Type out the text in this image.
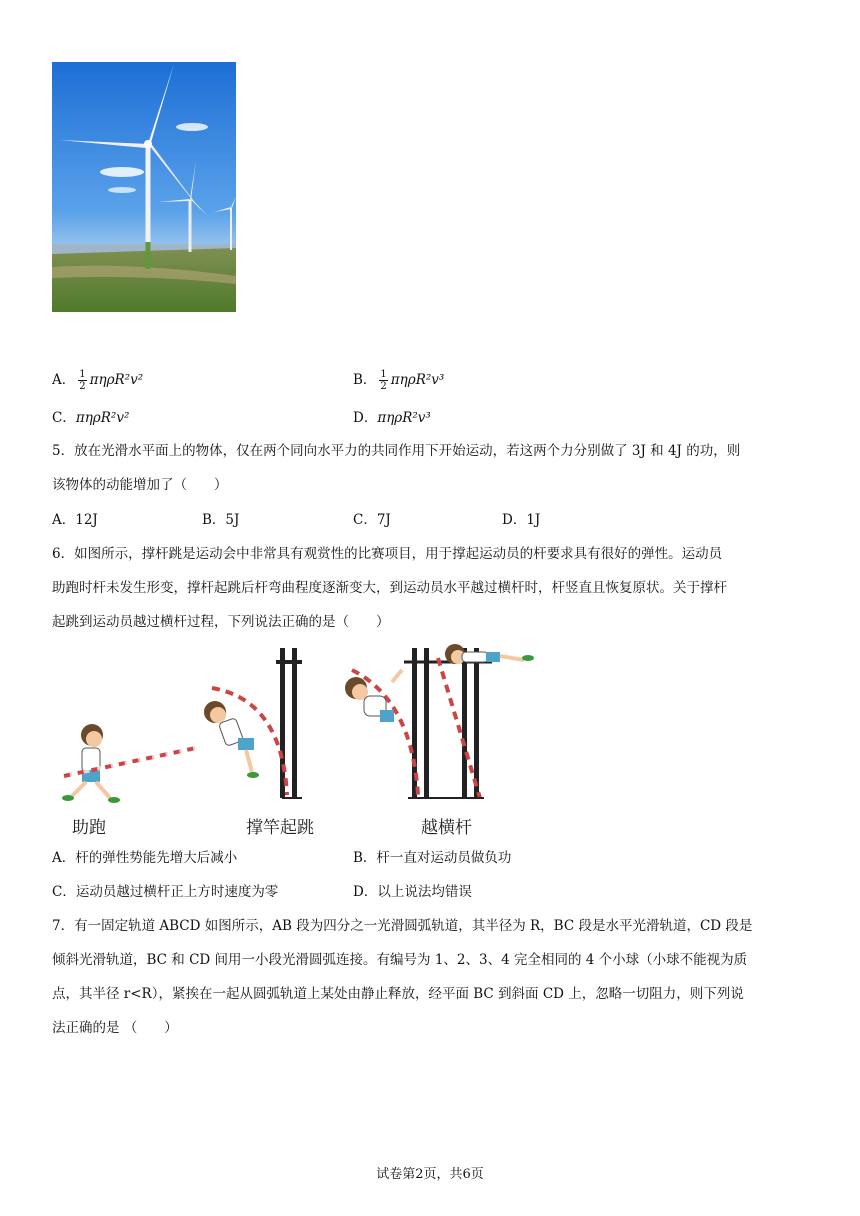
A． $\frac{1}{2} \pi\eta\rho R^2v^2$	B． $\frac{1}{2} \pi\eta\rho R^2v^3$
C．πηρR²v²	D．πηρR²v³
5．放在光滑水平面上的物体，仅在两个同向水平力的共同作用下开始运动，若这两个力分别做了 3J 和 4J 的功，则
该物体的动能增加了（　　）
A．12J	B．5J	C．7J	D．1J
6．如图所示，撑杆跳是运动会中非常具有观赏性的比赛项目，用于撑起运动员的杆要求具有很好的弹性。运动员
助跑时杆未发生形变，撑杆起跳后杆弯曲程度逐渐变大，到运动员水平越过横杆时，杆竖直且恢复原状。关于撑杆
起跳到运动员越过横杆过程，下列说法正确的是（　　）
助跑	撑竿起跳	越横杆
A．杆的弹性势能先增大后减小	B．杆一直对运动员做负功
C．运动员越过横杆正上方时速度为零	D．以上说法均错误
7．有一固定轨道 ABCD 如图所示，AB 段为四分之一光滑圆弧轨道，其半径为 R，BC 段是水平光滑轨道，CD 段是
倾斜光滑轨道，BC 和 CD 间用一小段光滑圆弧连接。有编号为 1、2、3、4 完全相同的 4 个小球（小球不能视为质
点，其半径 r<R），紧挨在一起从圆弧轨道上某处由静止释放，经平面 BC 到斜面 CD 上，忽略一切阻力，则下列说
法正确的是 （　　）
试卷第2页，共6页
